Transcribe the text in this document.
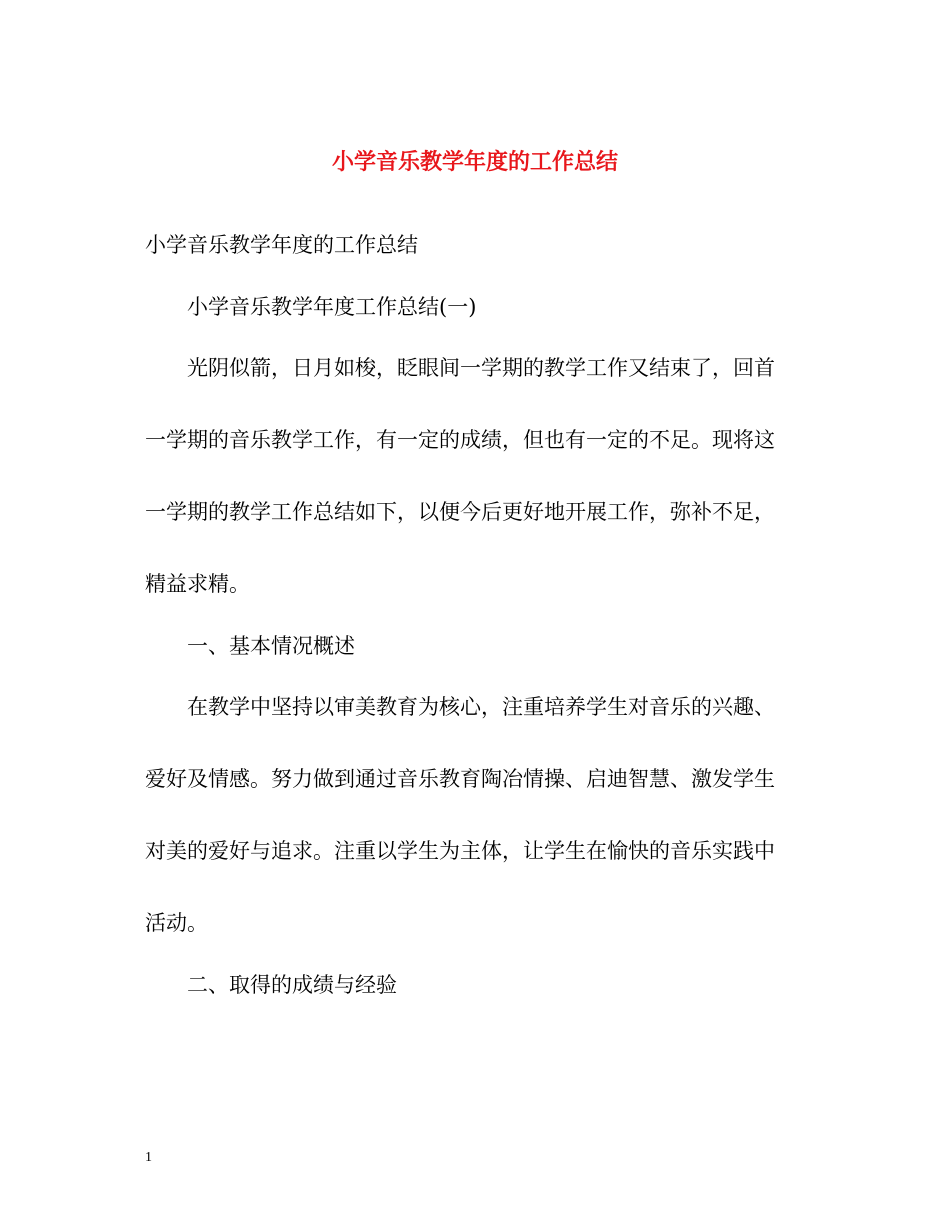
小学音乐教学年度的工作总结

小学音乐教学年度的工作总结

小学音乐教学年度工作总结(一)

光阴似箭，日月如梭，眨眼间一学期的教学工作又结束了，回首

一学期的音乐教学工作，有一定的成绩，但也有一定的不足。现将这

一学期的教学工作总结如下，以便今后更好地开展工作，弥补不足，

精益求精。

一、基本情况概述

在教学中坚持以审美教育为核心，注重培养学生对音乐的兴趣、

爱好及情感。努力做到通过音乐教育陶冶情操、启迪智慧、激发学生

对美的爱好与追求。注重以学生为主体，让学生在愉快的音乐实践中

活动。

二、取得的成绩与经验

1
